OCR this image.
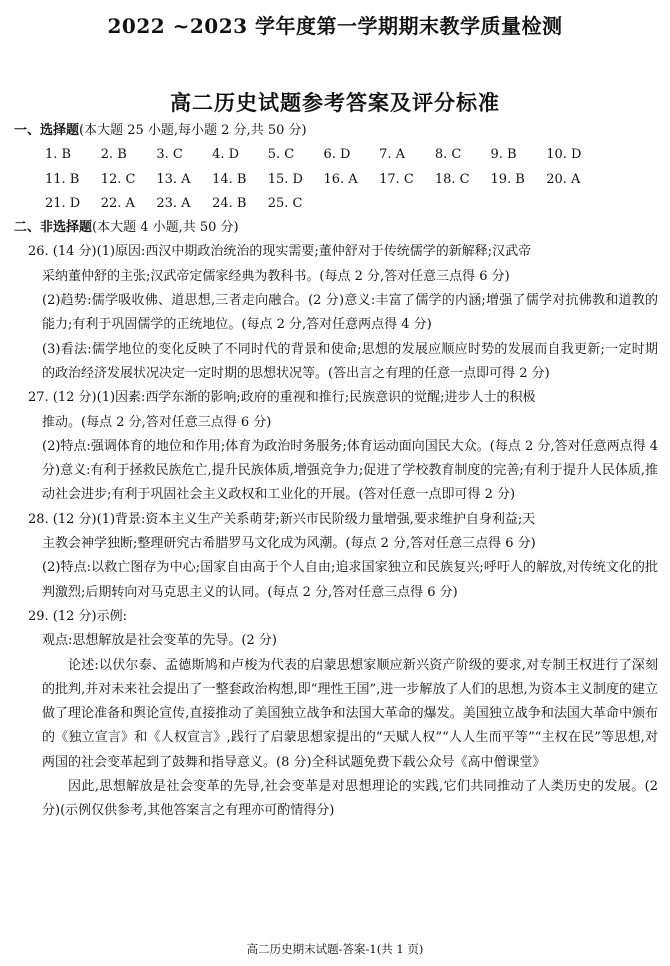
2022 ~2023 学年度第一学期期末教学质量检测
高二历史试题参考答案及评分标准
一、选择题(本大题 25 小题,每小题 2 分,共 50 分)
1. B	2. B	3. C	4. D	5. C	6. D	7. A	8. C	9. B	10. D
11. B	12. C	13. A	14. B	15. D	16. A	17. C	18. C	19. B	20. A
21. D	22. A	23. A	24. B	25. C
二、非选择题(本大题 4 小题,共 50 分)

26. (14 分)(1)原因:西汉中期政治统治的现实需要;董仲舒对于传统儒学的新解释;汉武帝

采纳董仲舒的主张;汉武帝定儒家经典为教科书。(每点 2 分,答对任意三点得 6 分)

(2)趋势:儒学吸收佛、道思想,三者走向融合。(2 分)意义:丰富了儒学的内涵;增强了儒学对抗佛教和道教的能力;有利于巩固儒学的正统地位。(每点 2 分,答对任意两点得 4 分)

(3)看法:儒学地位的变化反映了不同时代的背景和使命;思想的发展应顺应时势的发展而自我更新;一定时期的政治经济发展状况决定一定时期的思想状况等。(答出言之有理的任意一点即可得 2 分)

27. (12 分)(1)因素:西学东渐的影响;政府的重视和推行;民族意识的觉醒;进步人士的积极

推动。(每点 2 分,答对任意三点得 6 分)

(2)特点:强调体育的地位和作用;体育为政治时务服务;体育运动面向国民大众。(每点 2 分,答对任意两点得 4 分)意义:有利于拯救民族危亡,提升民族体质,增强竞争力;促进了学校教育制度的完善;有利于提升人民体质,推动社会进步;有利于巩固社会主义政权和工业化的开展。(答对任意一点即可得 2 分)

28. (12 分)(1)背景:资本主义生产关系萌芽;新兴市民阶级力量增强,要求维护自身利益;天

主教会神学独断;整理研究古希腊罗马文化成为风潮。(每点 2 分,答对任意三点得 6 分)

(2)特点:以救亡图存为中心;国家自由高于个人自由;追求国家独立和民族复兴;呼吁人的解放,对传统文化的批判激烈;后期转向对马克思主义的认同。(每点 2 分,答对任意三点得 6 分)

29. (12 分)示例:

观点:思想解放是社会变革的先导。(2 分)

论述:以伏尔泰、孟德斯鸠和卢梭为代表的启蒙思想家顺应新兴资产阶级的要求,对专制王权进行了深刻的批判,并对未来社会提出了一整套政治构想,即“理性王国”,进一步解放了人们的思想,为资本主义制度的建立做了理论准备和舆论宣传,直接推动了美国独立战争和法国大革命的爆发。美国独立战争和法国大革命中颁布的《独立宣言》和《人权宣言》,践行了启蒙思想家提出的“天赋人权”“人人生而平等”“主权在民”等思想,对两国的社会变革起到了鼓舞和指导意义。(8 分)全科试题免费下载公众号《高中僧课堂》

因此,思想解放是社会变革的先导,社会变革是对思想理论的实践,它们共同推动了人类历史的发展。(2 分)(示例仅供参考,其他答案言之有理亦可酌情得分)

高二历史期末试题-答案-1(共 1 页)
